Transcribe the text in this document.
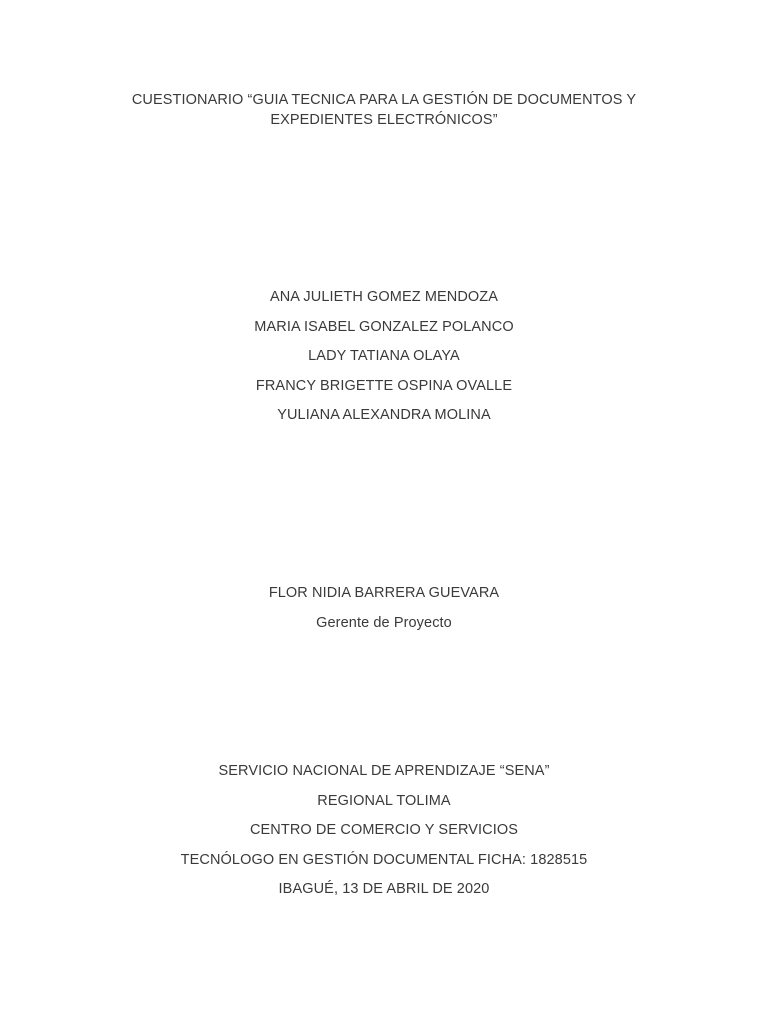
CUESTIONARIO “GUIA TECNICA PARA LA GESTIÓN DE DOCUMENTOS Y
EXPEDIENTES ELECTRÓNICOS”
ANA JULIETH GOMEZ MENDOZA
MARIA ISABEL GONZALEZ POLANCO
LADY TATIANA OLAYA
FRANCY BRIGETTE OSPINA OVALLE
YULIANA ALEXANDRA MOLINA
FLOR NIDIA BARRERA GUEVARA
Gerente de Proyecto
SERVICIO NACIONAL DE APRENDIZAJE “SENA”
REGIONAL TOLIMA
CENTRO DE COMERCIO Y SERVICIOS
TECNÓLOGO EN GESTIÓN DOCUMENTAL FICHA: 1828515
IBAGUÉ, 13 DE ABRIL DE 2020
